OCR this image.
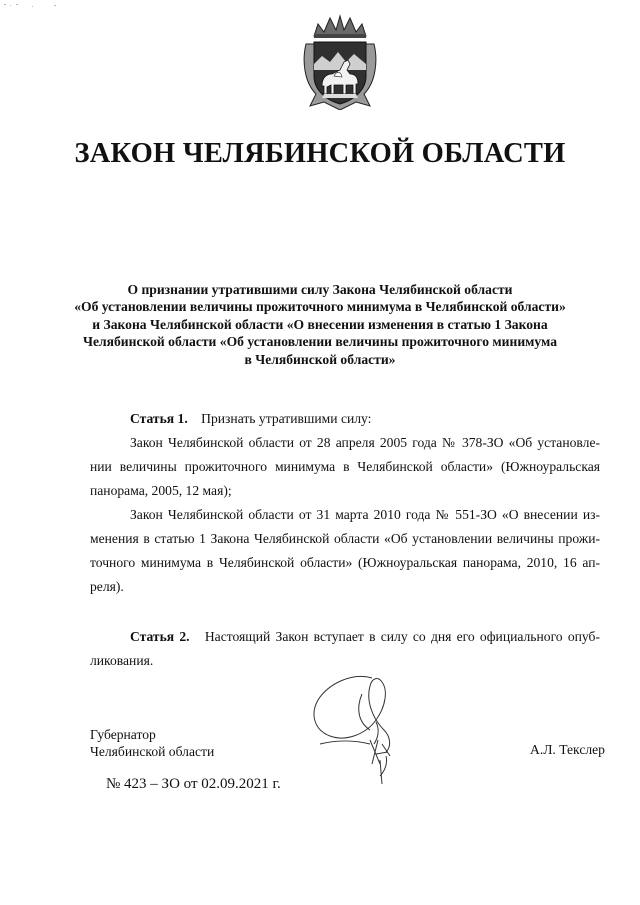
ЗАКОН ЧЕЛЯБИНСКОЙ ОБЛАСТИ
О признании утратившими силу Закона Челябинской области
«Об установлении величины прожиточного минимума в Челябинской области»
и Закона Челябинской области «О внесении изменения в статью 1 Закона
Челябинской области «Об установлении величины прожиточного минимума
в Челябинской области»
Статья 1. Признать утратившими силу:
Закон Челябинской области от 28 апреля 2005 года № 378-ЗО «Об установле-
нии величины прожиточного минимума в Челябинской области» (Южноуральская
панорама, 2005, 12 мая);
Закон Челябинской области от 31 марта 2010 года № 551-ЗО «О внесении из-
менения в статью 1 Закона Челябинской области «Об установлении величины прожи-
точного минимума в Челябинской области» (Южноуральская панорама, 2010, 16 ап-
реля).
Статья 2. Настоящий Закон вступает в силу со дня его официального опуб-
ликования.
Губернатор
Челябинской области	А.Л. Текслер
№ 423 – ЗО от 02.09.2021 г.
